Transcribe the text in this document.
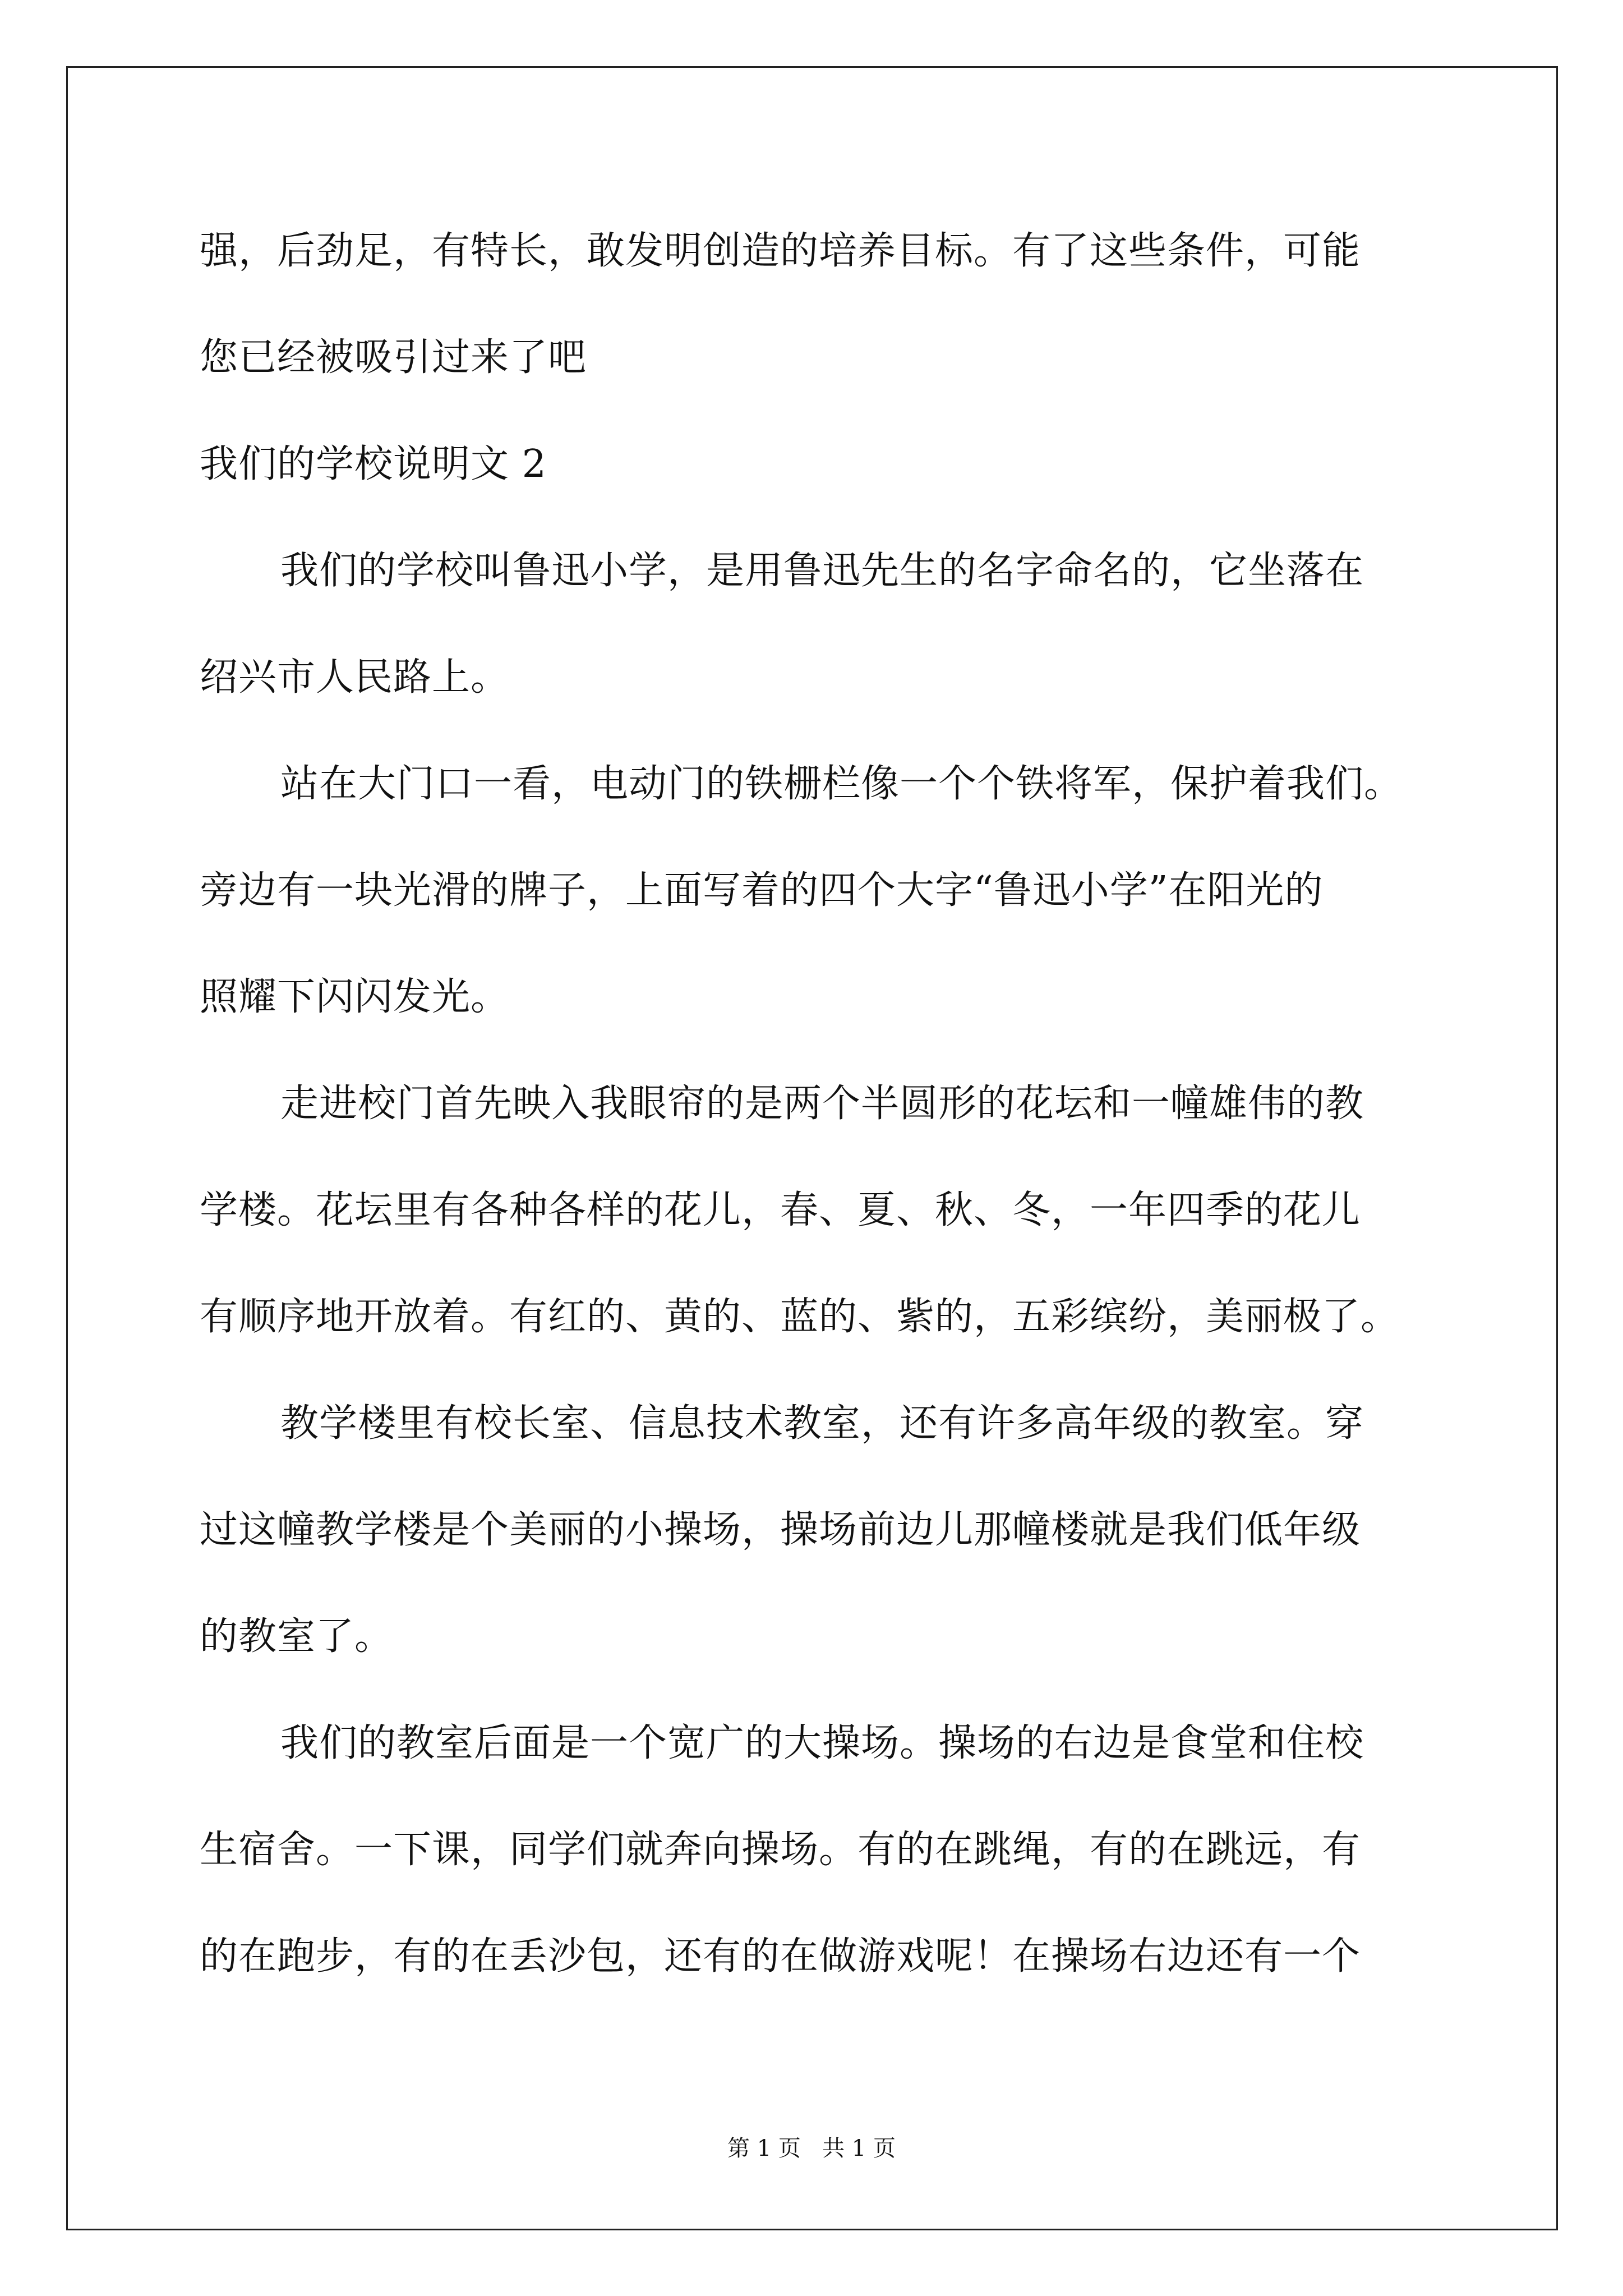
强，后劲足，有特长，敢发明创造的培养目标。有了这些条件，可能
您已经被吸引过来了吧
我们的学校说明文 2
我们的学校叫鲁迅小学，是用鲁迅先生的名字命名的，它坐落在
绍兴市人民路上。
站在大门口一看，电动门的铁栅栏像一个个铁将军，保护着我们。
旁边有一块光滑的牌子，上面写着的四个大字“鲁迅小学”在阳光的
照耀下闪闪发光。
走进校门首先映入我眼帘的是两个半圆形的花坛和一幢雄伟的教
学楼。花坛里有各种各样的花儿，春、夏、秋、冬，一年四季的花儿
有顺序地开放着。有红的、黄的、蓝的、紫的，五彩缤纷，美丽极了。
教学楼里有校长室、信息技术教室，还有许多高年级的教室。穿
过这幢教学楼是个美丽的小操场，操场前边儿那幢楼就是我们低年级
的教室了。
我们的教室后面是一个宽广的大操场。操场的右边是食堂和住校
生宿舍。一下课，同学们就奔向操场。有的在跳绳，有的在跳远，有
的在跑步，有的在丢沙包，还有的在做游戏呢！在操场右边还有一个
第 1 页   共 1 页
